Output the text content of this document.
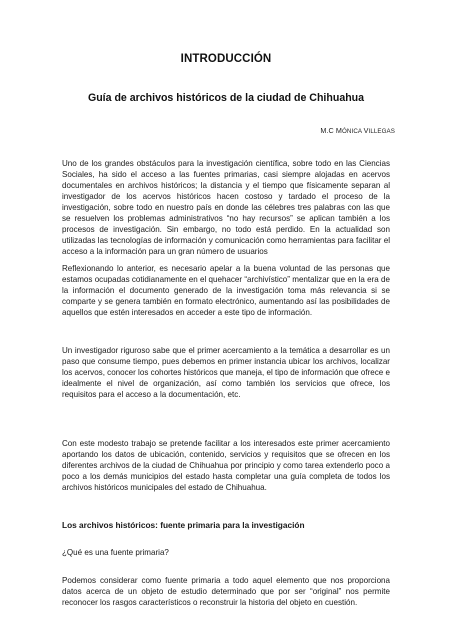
INTRODUCCIÓN
Guía de archivos históricos de la ciudad de Chihuahua
M.C MÓNICA VILLEGAS

Uno de los grandes obstáculos para la investigación científica, sobre todo en las Ciencias Sociales, ha sido el acceso a las fuentes primarias, casi siempre alojadas en acervos documentales en archivos históricos; la distancia y el tiempo que físicamente separan al investigador de los acervos históricos hacen costoso y tardado el proceso de la investigación, sobre todo en nuestro país en donde las célebres tres palabras con las que se resuelven los problemas administrativos “no hay recursos” se aplican también a los procesos de investigación. Sin embargo, no todo está perdido. En la actualidad son utilizadas las tecnologías de información y comunicación como herramientas para facilitar el acceso a la información para un gran número de usuarios

Reflexionando lo anterior, es necesario apelar a la buena voluntad de las personas que estamos ocupadas cotidianamente en el quehacer “archivístico” mentalizar que en la era de la información el documento generado de la investigación toma más relevancia si se comparte y se genera también en formato electrónico, aumentando así las posibilidades de aquellos que estén interesados en acceder a este tipo de información.

Un investigador riguroso sabe que el primer acercamiento a la temática a desarrollar es un paso que consume tiempo, pues debemos en primer instancia ubicar los archivos, localizar los acervos, conocer los cohortes históricos que maneja, el tipo de información que ofrece e idealmente el nivel de organización, así como también los servicios que ofrece, los requisitos para el acceso a la documentación, etc.

Con este modesto trabajo se pretende facilitar a los interesados este primer acercamiento aportando los datos de ubicación, contenido, servicios y requisitos que se ofrecen en los diferentes archivos de la ciudad de Chihuahua por principio y como tarea extenderlo poco a poco a los demás municipios del estado hasta completar una guía completa de todos los archivos históricos municipales del estado de Chihuahua.

Los archivos históricos: fuente primaria para la investigación

¿Qué es una fuente primaria?

Podemos considerar como fuente primaria a todo aquel elemento que nos proporciona datos acerca de un objeto de estudio determinado que por ser “original” nos permite reconocer los rasgos característicos o reconstruir la historia del objeto en cuestión.
